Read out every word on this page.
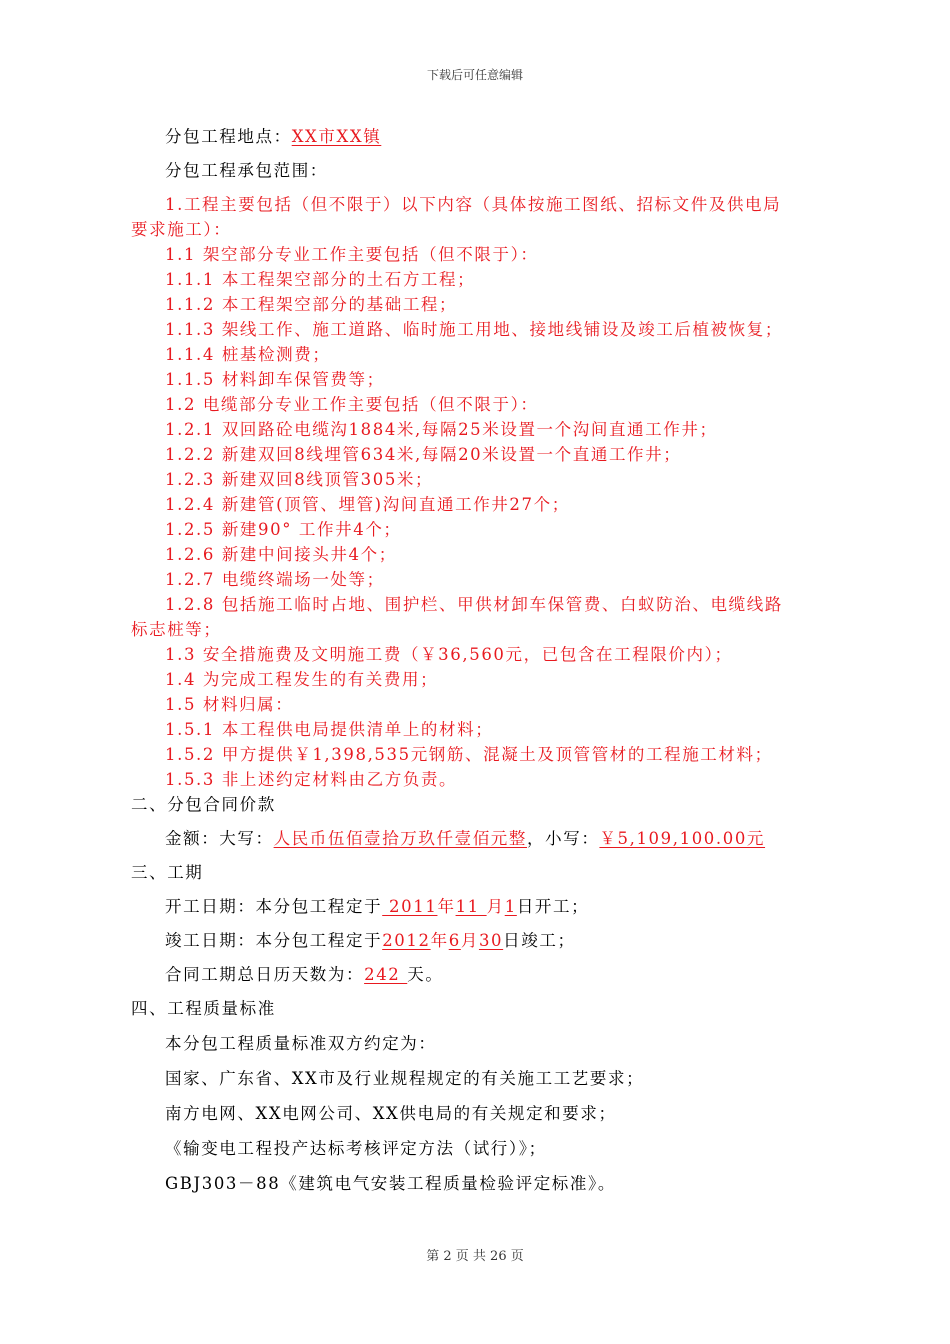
下载后可任意编辑
分包工程地点：XX市XX镇
分包工程承包范围：
1.工程主要包括（但不限于）以下内容（具体按施工图纸、招标文件及供电局
要求施工）：
1.1 架空部分专业工作主要包括（但不限于）：
1.1.1 本工程架空部分的土石方工程；
1.1.2 本工程架空部分的基础工程；
1.1.3 架线工作、施工道路、临时施工用地、接地线铺设及竣工后植被恢复；
1.1.4 桩基检测费；
1.1.5 材料卸车保管费等；
1.2 电缆部分专业工作主要包括（但不限于）：
1.2.1 双回路砼电缆沟1884米,每隔25米设置一个沟间直通工作井；
1.2.2 新建双回8线埋管634米,每隔20米设置一个直通工作井；
1.2.3 新建双回8线顶管305米；
1.2.4 新建管(顶管、埋管)沟间直通工作井27个；
1.2.5 新建90° 工作井4个；
1.2.6 新建中间接头井4个；
1.2.7 电缆终端场一处等；
1.2.8 包括施工临时占地、围护栏、甲供材卸车保管费、白蚁防治、电缆线路
标志桩等；
1.3 安全措施费及文明施工费（￥36,560元，已包含在工程限价内）；
1.4 为完成工程发生的有关费用；
1.5 材料归属：
1.5.1 本工程供电局提供清单上的材料；
1.5.2 甲方提供￥1,398,535元钢筋、混凝土及顶管管材的工程施工材料；
1.5.3 非上述约定材料由乙方负责。
二、分包合同价款
金额：大写：人民币伍佰壹拾万玖仟壹佰元整，小写：￥5,109,100.00元
三、工期
开工日期：本分包工程定于 2011年11 月1日开工；
竣工日期：本分包工程定于2012年6月30日竣工；
合同工期总日历天数为：242 天。
四、工程质量标准
本分包工程质量标准双方约定为：
国家、广东省、XX市及行业规程规定的有关施工工艺要求；
南方电网、XX电网公司、XX供电局的有关规定和要求；
《输变电工程投产达标考核评定方法（试行）》；
GBJ303－88《建筑电气安装工程质量检验评定标准》。
第 2 页 共 26 页
